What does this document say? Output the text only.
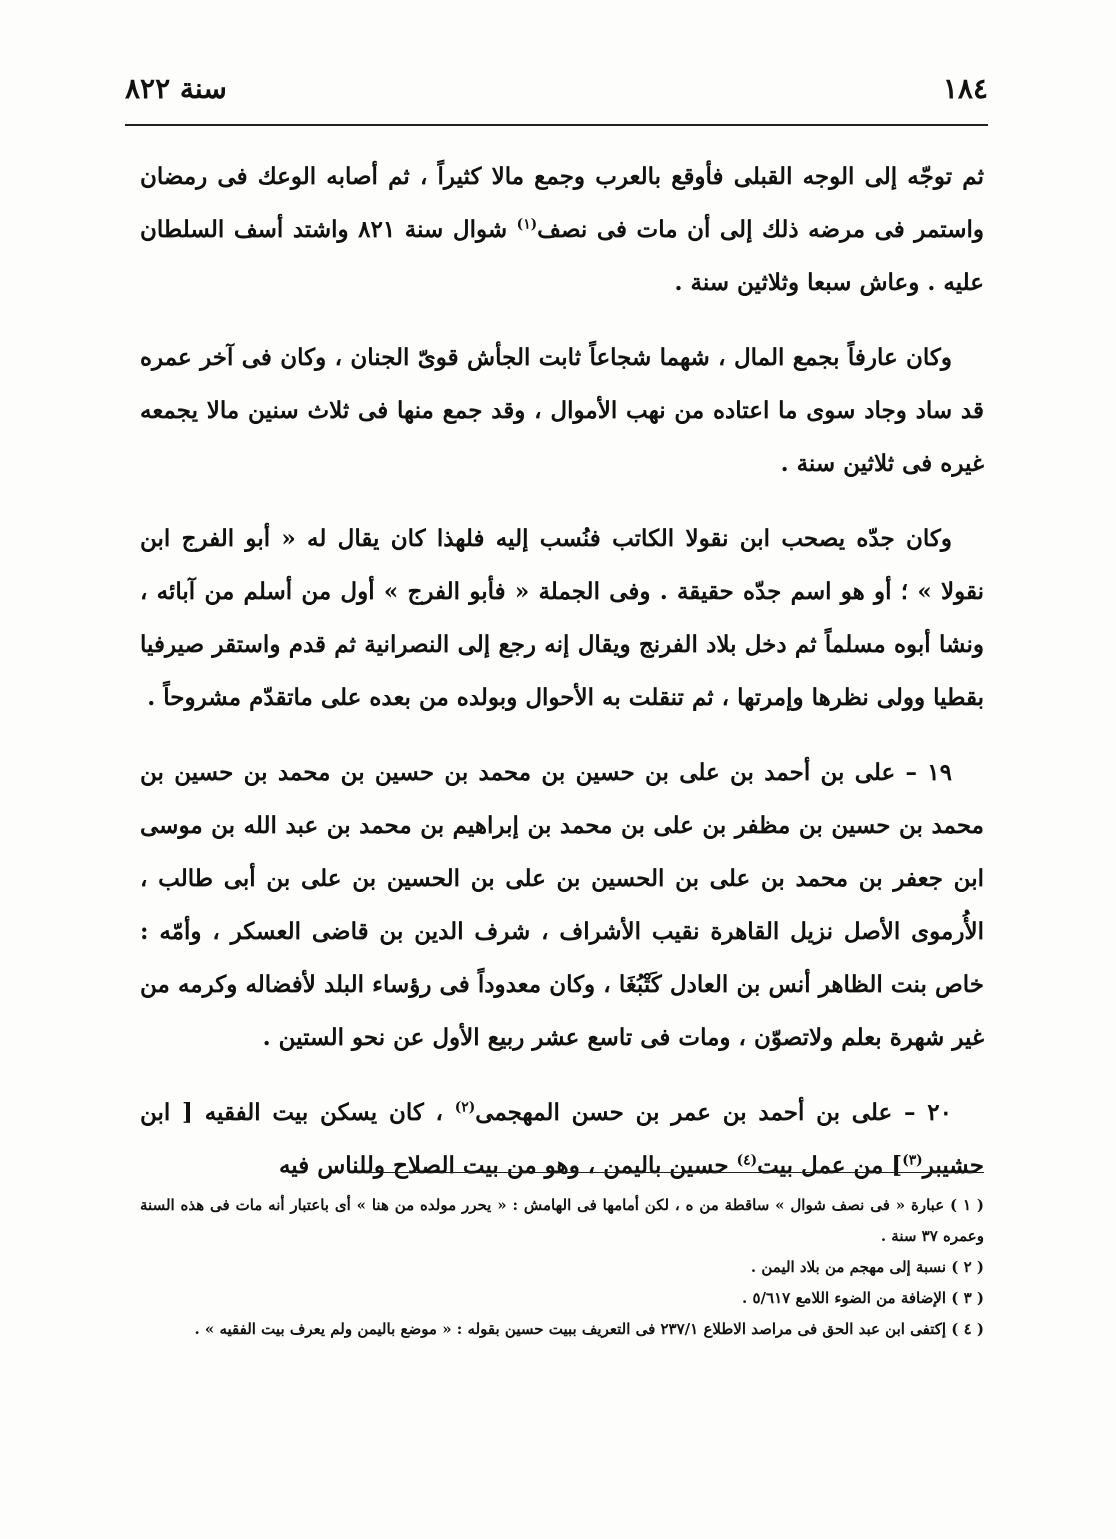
١٨٤
سنة ٨٢٢

ثم توجّه إلى الوجه القبلى فأوقع بالعرب وجمع مالا كثيراً ، ثم أصابه الوعك فى رمضان واستمر فى مرضه ذلك إلى أن مات فى نصف$^{(١)}$ شوال سنة ٨٢١ واشتد أسف السلطان عليه . وعاش سبعا وثلاثين سنة .

وكان عارفاً بجمع المال ، شهما شجاعاً ثابت الجأش قوىّ الجنان ، وكان فى آخر عمره قد ساد وجاد سوى ما اعتاده من نهب الأموال ، وقد جمع منها فى ثلاث سنين مالا يجمعه غيره فى ثلاثين سنة .

وكان جدّه يصحب ابن نقولا الكاتب فنُسب إليه فلهذا كان يقال له « أبو الفرج ابن نقولا » ؛ أو هو اسم جدّه حقيقة . وفى الجملة « فأبو الفرج » أول من أسلم من آبائه ، ونشا أبوه مسلماً ثم دخل بلاد الفرنج ويقال إنه رجع إلى النصرانية ثم قدم واستقر صيرفيا بقطيا وولى نظرها وإمرتها ، ثم تنقلت به الأحوال وبولده من بعده على ماتقدّم مشروحاً .

١٩ – على بن أحمد بن على بن حسين بن محمد بن حسين بن محمد بن حسين بن محمد بن حسين بن مظفر بن على بن محمد بن إبراهيم بن محمد بن عبد الله بن موسى ابن جعفر بن محمد بن على بن الحسين بن على بن الحسين بن على بن أبى طالب ، الأُرموى الأصل نزيل القاهرة نقيب الأشراف ، شرف الدين بن قاضى العسكر ، وأمّه : خاص بنت الظاهر أنس بن العادل كَتْبُغَا ، وكان معدوداً فى رؤساء البلد لأفضاله وكرمه من غير شهرة بعلم ولاتصوّن ، ومات فى تاسع عشر ربيع الأول عن نحو الستين .

٢٠ – على بن أحمد بن عمر بن حسن المهجمى$^{(٢)}$ ، كان يسكن بيت الفقيه [ ابن حشيبر$^{(٣)}$] من عمل بيت$^{(٤)}$ حسين باليمن ، وهو من بيت الصلاح وللناس فيه

( ١ ) عبارة « فى نصف شوال » ساقطة من ه ، لكن أمامها فى الهامش : « يحرر مولده من هنا » أى باعتبار أنه مات فى هذه السنة وعمره ٣٧ سنة .

( ٢ ) نسبة إلى مهجم من بلاد اليمن .

( ٣ ) الإضافة من الضوء اللامع ٥/٦١٧ .

( ٤ ) إكتفى ابن عبد الحق فى مراصد الاطلاع ٢٣٧/١ فى التعريف ببيت حسين بقوله : « موضع باليمن ولم يعرف بيت الفقيه » .
